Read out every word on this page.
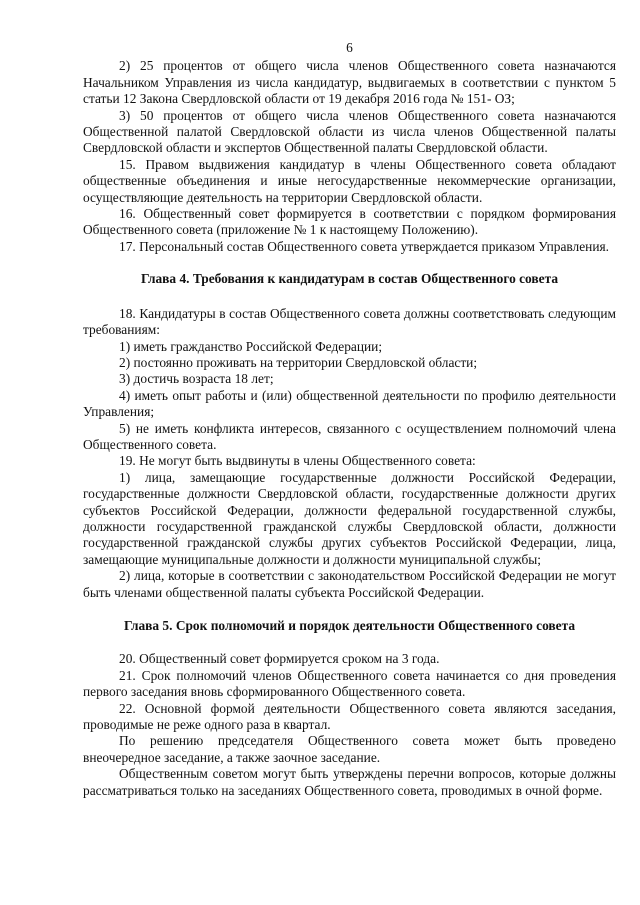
6

2) 25 процентов от общего числа членов Общественного совета назначаются Начальником Управления из числа кандидатур, выдвигаемых в соответствии с пунктом 5 статьи 12 Закона Свердловской области от 19 декабря 2016 года № 151- ОЗ;

3) 50 процентов от общего числа членов Общественного совета назначаются Общественной палатой Свердловской области из числа членов Общественной палаты Свердловской области и экспертов Общественной палаты Свердловской области.

15. Правом выдвижения кандидатур в члены Общественного совета обладают общественные объединения и иные негосударственные некоммерческие организации, осуществляющие деятельность на территории Свердловской области.

16. Общественный совет формируется в соответствии с порядком формирования Общественного совета (приложение № 1 к настоящему Положению).

17. Персональный состав Общественного совета утверждается приказом Управления.

Глава 4. Требования к кандидатурам в состав Общественного совета

18. Кандидатуры в состав Общественного совета должны соответствовать следующим требованиям:

1) иметь гражданство Российской Федерации;

2) постоянно проживать на территории Свердловской области;

3) достичь возраста 18 лет;

4) иметь опыт работы и (или) общественной деятельности по профилю деятельности Управления;

5) не иметь конфликта интересов, связанного с осуществлением полномочий члена Общественного совета.

19. Не могут быть выдвинуты в члены Общественного совета:

1) лица, замещающие государственные должности Российской Федерации, государственные должности Свердловской области, государственные должности других субъектов Российской Федерации, должности федеральной государственной службы, должности государственной гражданской службы Свердловской области, должности государственной гражданской службы других субъектов Российской Федерации, лица, замещающие муниципальные должности и должности муниципальной службы;

2) лица, которые в соответствии с законодательством Российской Федерации не могут быть членами общественной палаты субъекта Российской Федерации.

Глава 5. Срок полномочий и порядок деятельности Общественного совета

20. Общественный совет формируется сроком на 3 года.

21. Срок полномочий членов Общественного совета начинается со дня проведения первого заседания вновь сформированного Общественного совета.

22. Основной формой деятельности Общественного совета являются заседания, проводимые не реже одного раза в квартал.

По решению председателя Общественного совета может быть проведено внеочередное заседание, а также заочное заседание.

Общественным советом могут быть утверждены перечни вопросов, которые должны рассматриваться только на заседаниях Общественного совета, проводимых в очной форме.
